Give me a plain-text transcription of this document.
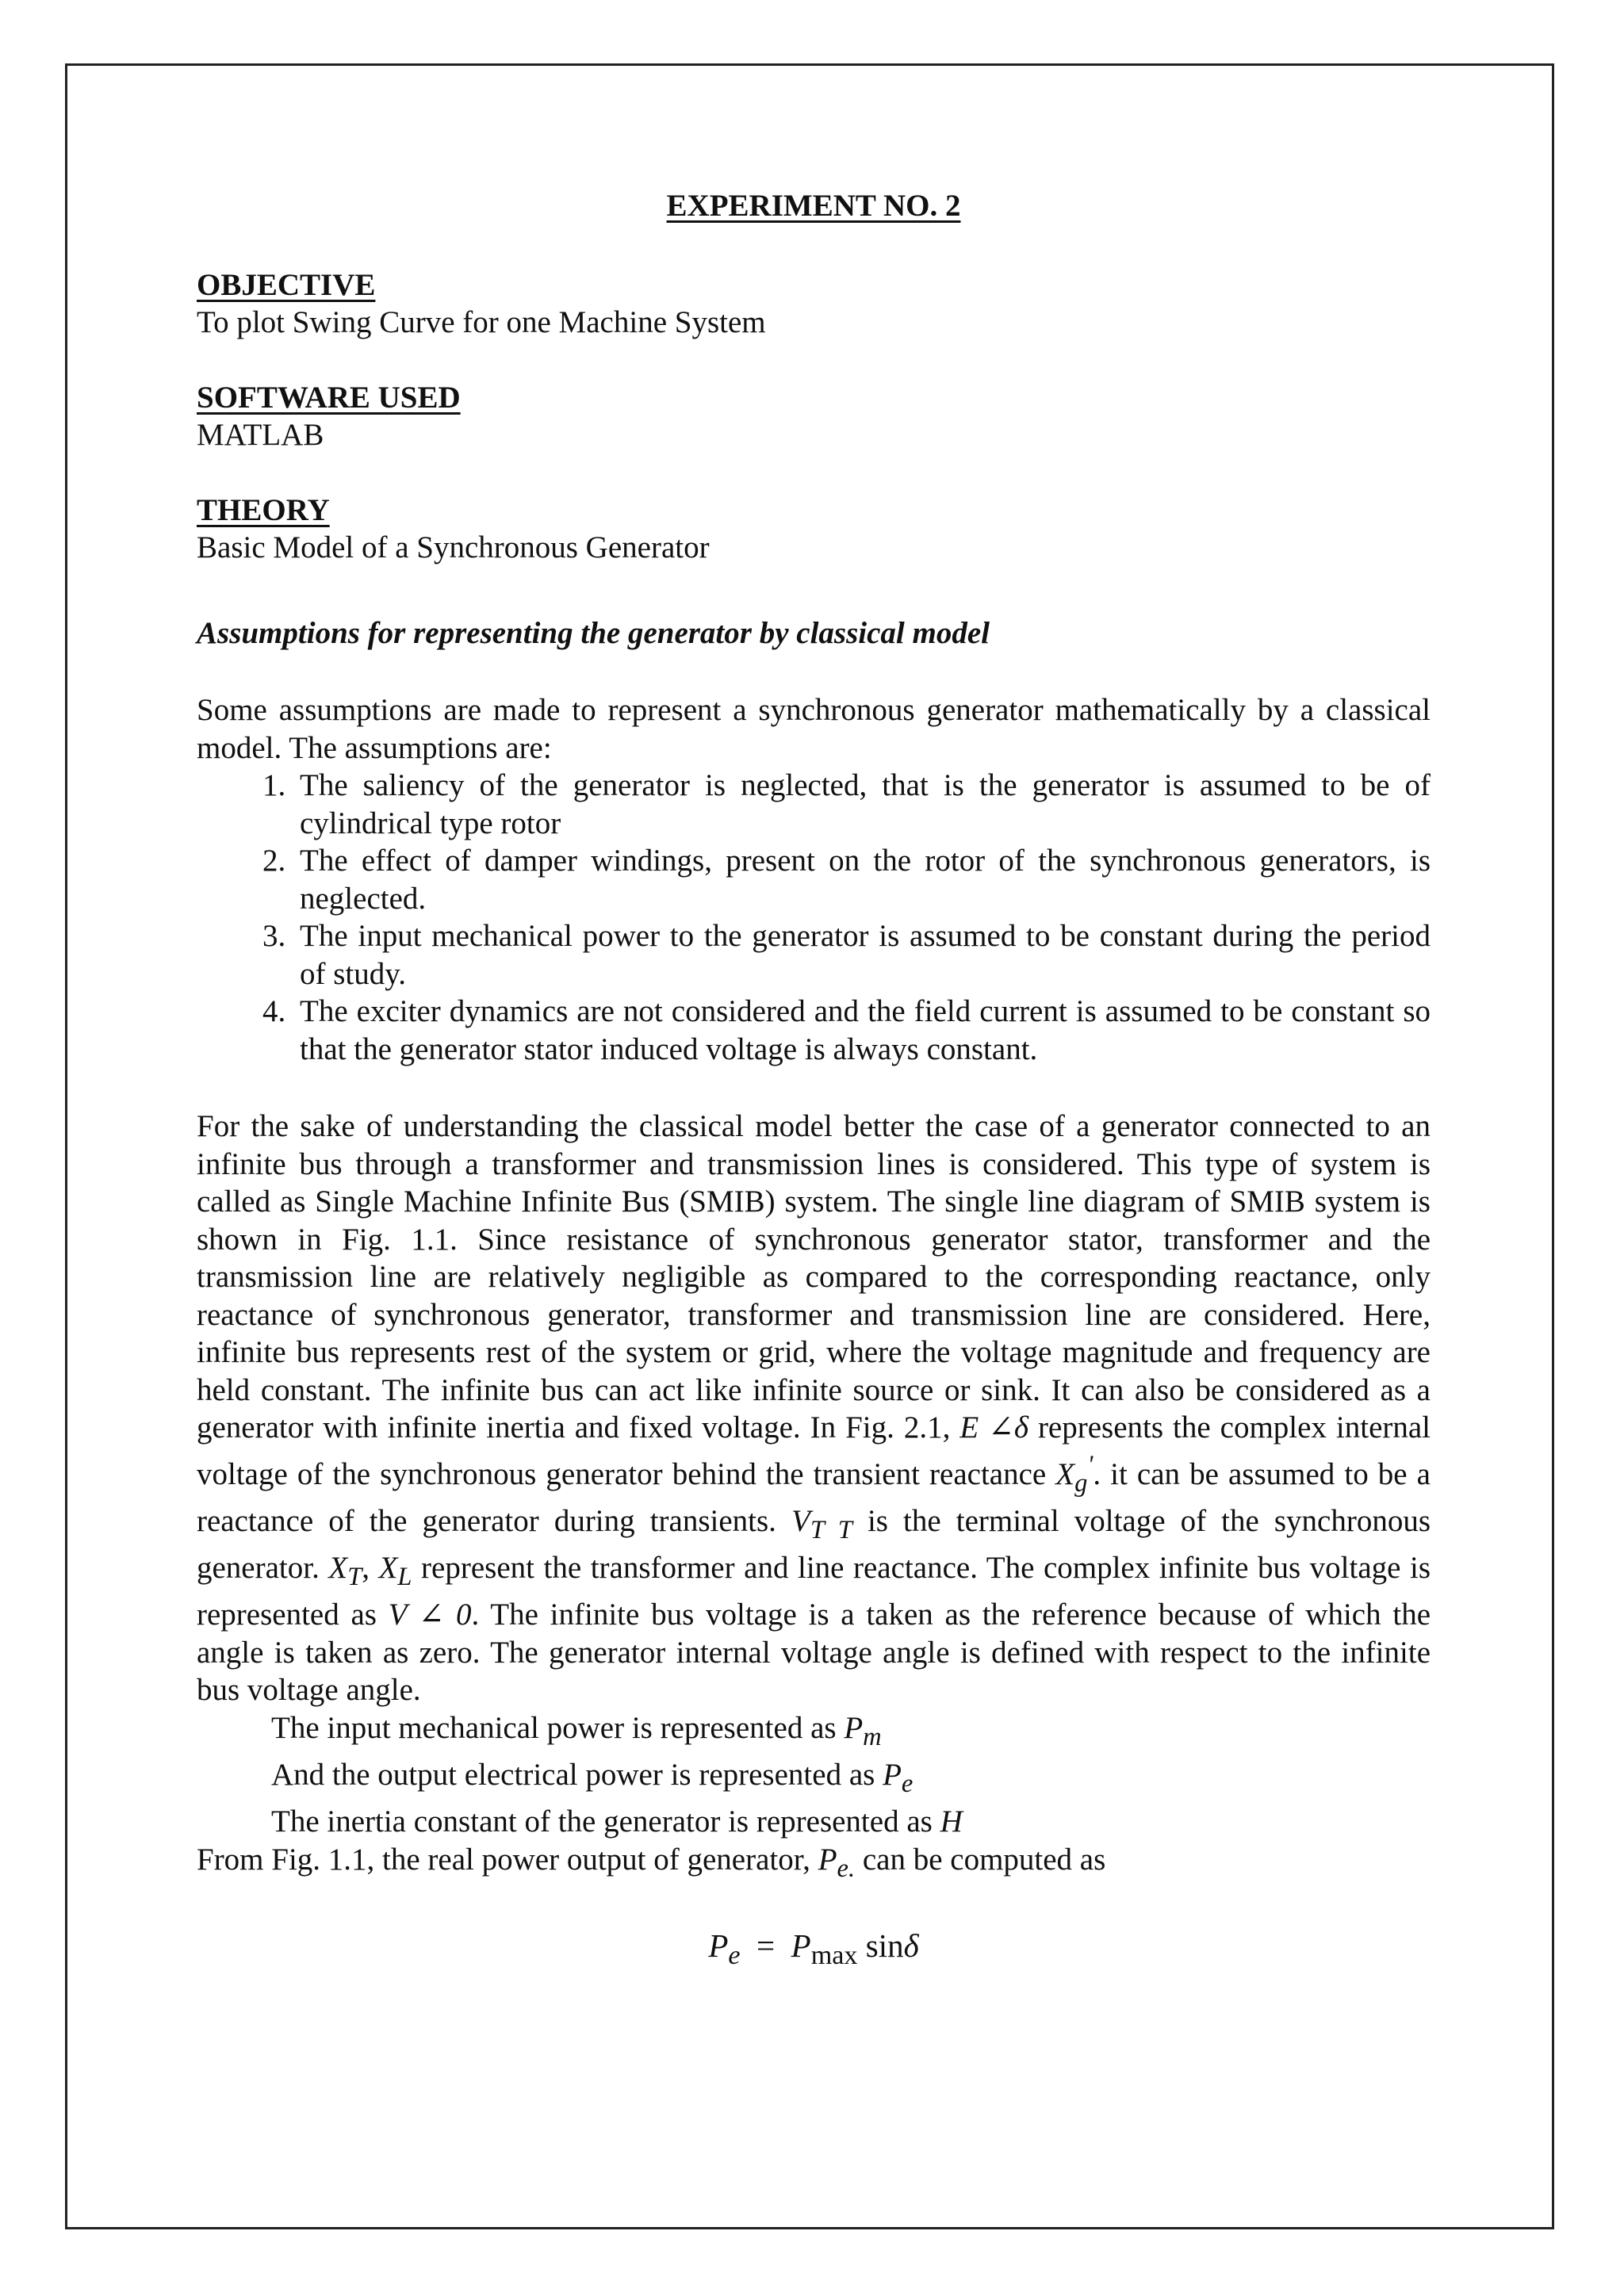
EXPERIMENT NO. 2

OBJECTIVE

To plot Swing Curve for one Machine System

SOFTWARE USED

MATLAB

THEORY

Basic Model of a Synchronous Generator

Assumptions for representing the generator by classical model

Some assumptions are made to represent a synchronous generator mathematically by a classical model. The assumptions are:

1. The saliency of the generator is neglected, that is the generator is assumed to be of cylindrical type rotor
2. The effect of damper windings, present on the rotor of the synchronous generators, is neglected.
3. The input mechanical power to the generator is assumed to be constant during the period of study.
4. The exciter dynamics are not considered and the field current is assumed to be constant so that the generator stator induced voltage is always constant.

For the sake of understanding the classical model better the case of a generator connected to an infinite bus through a transformer and transmission lines is considered. This type of system is called as Single Machine Infinite Bus (SMIB) system. The single line diagram of SMIB system is shown in Fig. 1.1. Since resistance of synchronous generator stator, transformer and the transmission line are relatively negligible as compared to the corresponding reactance, only reactance of synchronous generator, transformer and transmission line are considered. Here, infinite bus represents rest of the system or grid, where the voltage magnitude and frequency are held constant. The infinite bus can act like infinite source or sink. It can also be considered as a generator with infinite inertia and fixed voltage. In Fig. 2.1, E ∠δ represents the complex internal voltage of the synchronous generator behind the transient reactance $X_g'$. it can be assumed to be a reactance of the generator during transients. $V_{T T}$ is the terminal voltage of the synchronous generator. $X_T$, $X_L$ represent the transformer and line reactance. The complex infinite bus voltage is represented as V ∠ 0. The infinite bus voltage is a taken as the reference because of which the angle is taken as zero. The generator internal voltage angle is defined with respect to the infinite bus voltage angle.

The input mechanical power is represented as $P_m$

And the output electrical power is represented as $P_e$

The inertia constant of the generator is represented as H

From Fig. 1.1, the real power output of generator, $P_{e.}$ can be computed as

$P_e = P_{max}$ sinδ
